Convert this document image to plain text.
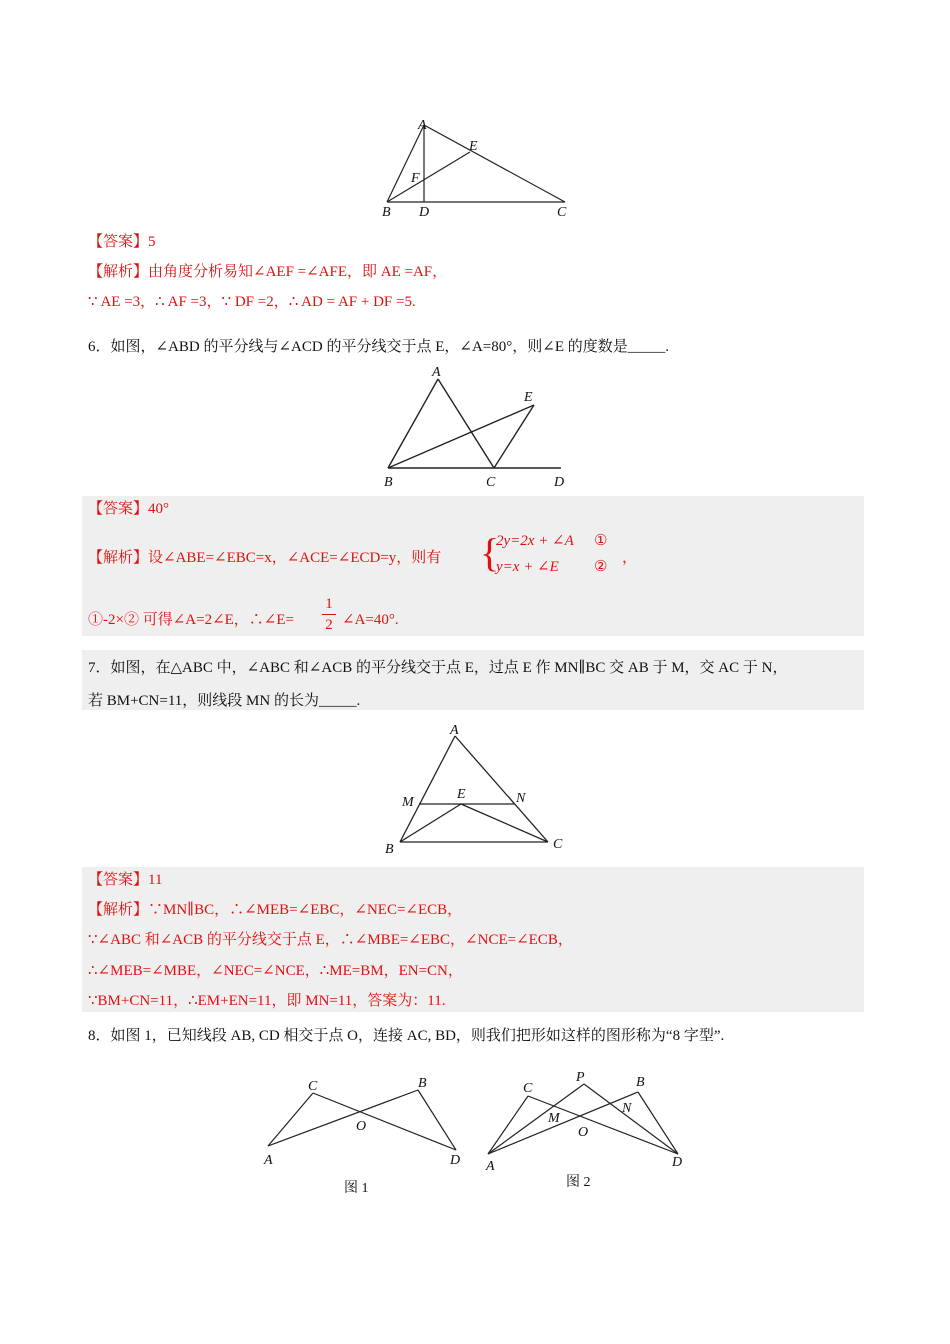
A
E
F
B D	C
【答案】5
【解析】由角度分析易知∠AEF =∠AFE，即 AE =AF，
∵ AE =3，∴ AF =3，∵ DF =2，∴ AD = AF + DF =5.
6．如图，∠ABD 的平分线与∠ACD 的平分线交于点 E，∠A=80°，则∠E 的度数是_____.
A
E
B	C	D
【答案】40°
【解析】设∠ABE=∠EBC=x，∠ACE=∠ECD=y，则有 {
2y=2x + ∠A ①
y=x + ∠E ②
，
①-2×② 可得∠A=2∠E，∴∠E=
1
2 ∠A=40°.
7．如图，在△ABC 中，∠ABC 和∠ACB 的平分线交于点 E，过点 E 作 MN∥BC 交 AB 于 M，交 AC 于 N，
若 BM+CN=11，则线段 MN 的长为_____.
A
M
E	N
B	C
【答案】11
【解析】∵MN∥BC，∴∠MEB=∠EBC，∠NEC=∠ECB，
∵∠ABC 和∠ACB 的平分线交于点 E，∴∠MBE=∠EBC，∠NCE=∠ECB，
∴∠MEB=∠MBE，∠NEC=∠NCE，∴ME=BM，EN=CN，
∵BM+CN=11，∴EM+EN=11，即 MN=11，答案为：11.
8．如图 1，已知线段 AB, CD 相交于点 O，连接 AC, BD，则我们把形如这样的图形称为“8 字型”.
C	B
O
A	D
图 1
C
P	B
M
N
O
A	D
图 2
